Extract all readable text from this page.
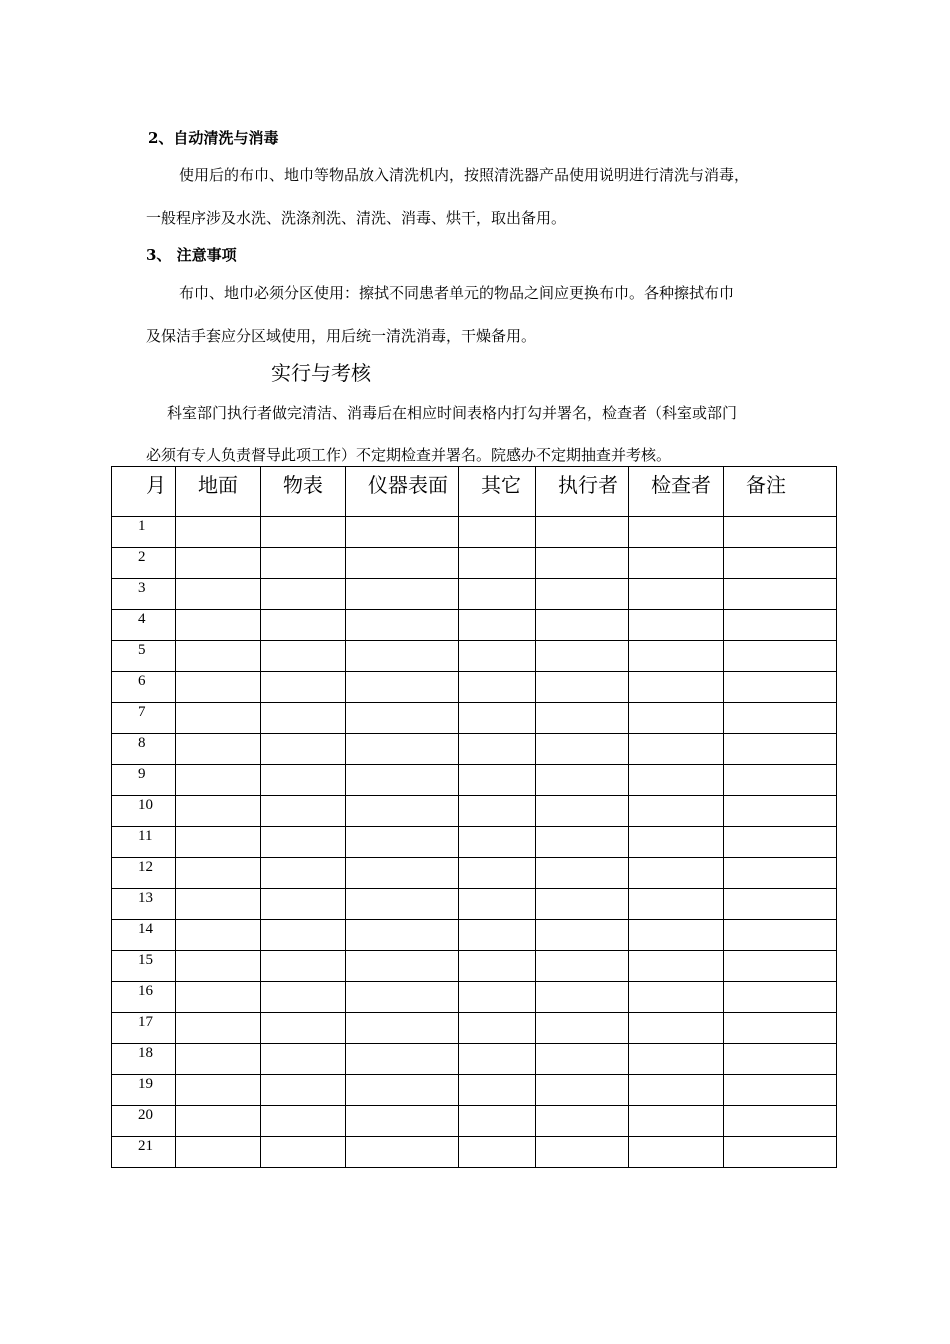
2、自动清洗与消毒
使用后的布巾、地巾等物品放入清洗机内，按照清洗器产品使用说明进行清洗与消毒，
一般程序涉及水洗、洗涤剂洗、清洗、消毒、烘干，取出备用。
3、 注意事项
布巾、地巾必须分区使用：擦拭不同患者单元的物品之间应更换布巾。各种擦拭布巾
及保洁手套应分区域使用，用后统一清洗消毒，干燥备用。
实行与考核
科室部门执行者做完清洁、消毒后在相应时间表格内打勾并署名，检查者（科室或部门
必须有专人负责督导此项工作）不定期检查并署名。院感办不定期抽查并考核。
月	地面	物表	仪器表面	其它	执行者	检查者	备注
1							
2							
3							
4							
5							
6							
7							
8							
9							
10							
11							
12							
13							
14							
15							
16							
17							
18							
19							
20							
21							
